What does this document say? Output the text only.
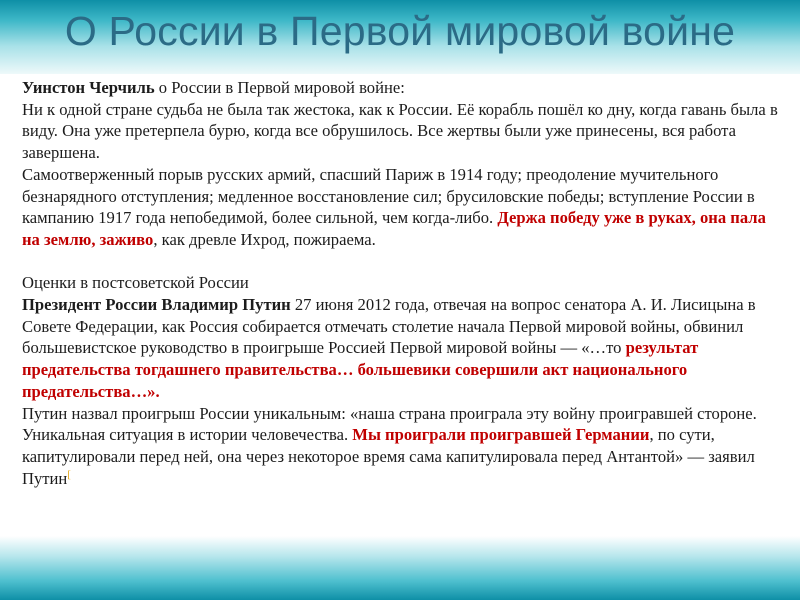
О России в Первой мировой войне

Уинстон Черчиль о России в Первой мировой войне:

Ни к одной стране судьба не была так жестока, как к России. Её корабль пошёл ко дну, когда гавань была в виду. Она уже претерпела бурю, когда все обрушилось. Все жертвы были уже принесены, вся работа завершена.

Самоотверженный порыв русских армий, спасший Париж в 1914 году; преодоление мучительного безнарядного отступления; медленное восстановление сил; брусиловские победы; вступление России в кампанию 1917 года непобедимой, более сильной, чем когда-либо. Держа победу уже в руках, она пала на землю, заживо, как древле Ихрод, пожираема.

Оценки в постсоветской России

Президент России Владимир Путин 27 июня 2012 года, отвечая на вопрос сенатора А. И. Лисицына в Совете Федерации, как Россия собирается отмечать столетие начала Первой мировой войны, обвинил большевистское руководство в проигрыше Россией Первой мировой войны — «…то результат предательства тогдашнего правительства… большевики совершили акт национального предательства…».

Путин назвал проигрыш России уникальным: «наша страна проиграла эту войну проигравшей стороне. Уникальная ситуация в истории человечества. Мы проиграли проигравшей Германии, по сути, капитулировали перед ней, она через некоторое время сама капитулировала перед Антантой» — заявил Путин[
